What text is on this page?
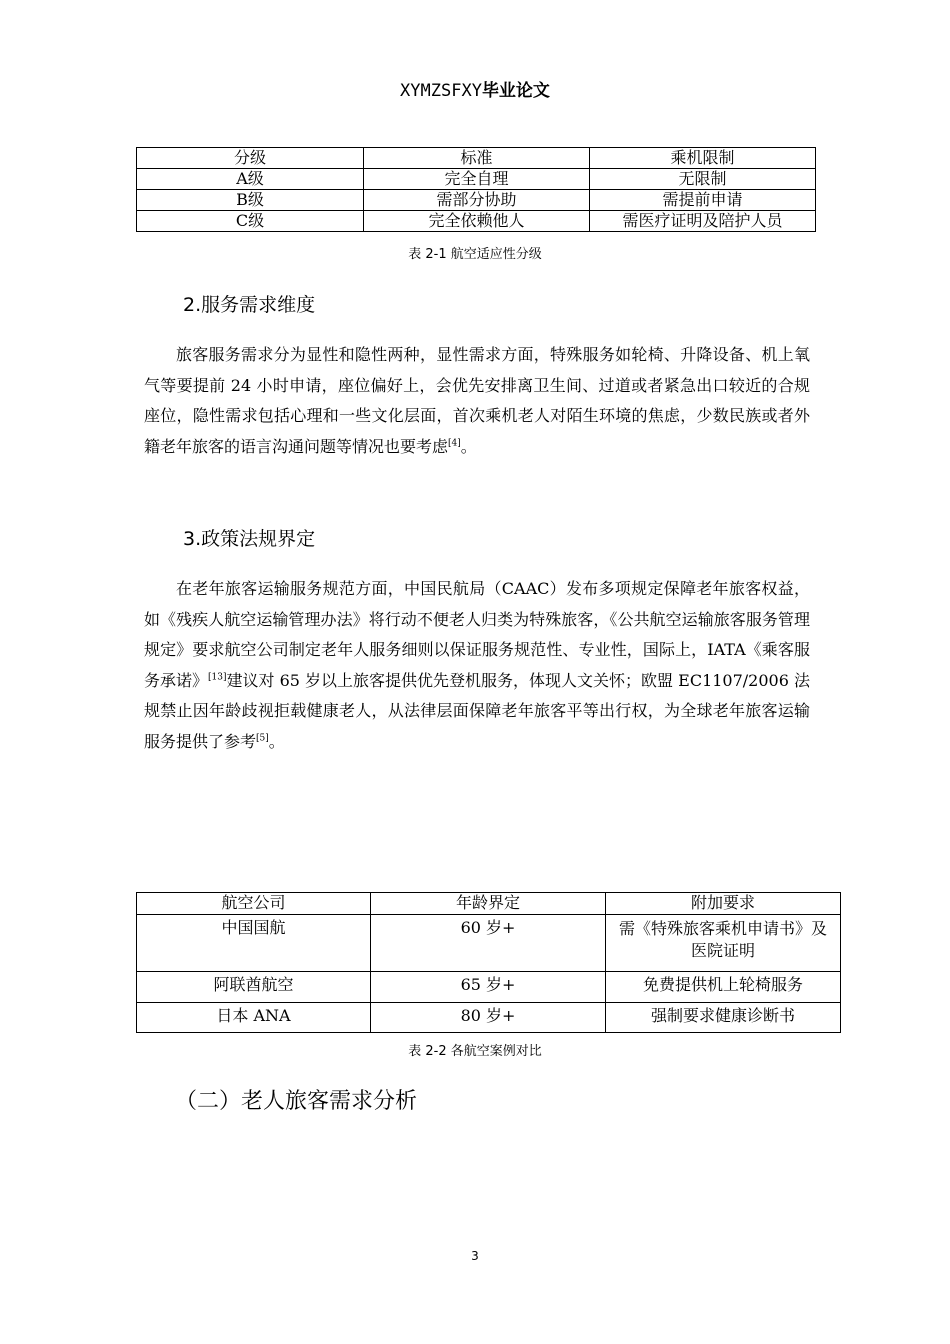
XYMZSFXY毕业论文
分级	标准	乘机限制
A级	完全自理	无限制
B级	需部分协助	需提前申请
C级	完全依赖他人	需医疗证明及陪护人员
表 2-1 航空适应性分级
2.服务需求维度
旅客服务需求分为显性和隐性两种，显性需求方面，特殊服务如轮椅、升降设备、机上氧气等要提前 24 小时申请，座位偏好上，会优先安排离卫生间、过道或者紧急出口较近的合规座位，隐性需求包括心理和一些文化层面，首次乘机老人对陌生环境的焦虑，少数民族或者外籍老年旅客的语言沟通问题等情况也要考虑[4]。
3.政策法规界定
在老年旅客运输服务规范方面，中国民航局（CAAC）发布多项规定保障老年旅客权益，如《残疾人航空运输管理办法》将行动不便老人归类为特殊旅客，《公共航空运输旅客服务管理规定》要求航空公司制定老年人服务细则以保证服务规范性、专业性，国际上，IATA《乘客服务承诺》[13]建议对 65 岁以上旅客提供优先登机服务，体现人文关怀；欧盟 EC1107/2006 法规禁止因年龄歧视拒载健康老人，从法律层面保障老年旅客平等出行权，为全球老年旅客运输服务提供了参考[5]。
航空公司	年龄界定	附加要求
中国国航	60 岁+	需《特殊旅客乘机申请书》及医院证明
阿联酋航空	65 岁+	免费提供机上轮椅服务
日本 ANA	80 岁+	强制要求健康诊断书
表 2-2 各航空案例对比
（二）老人旅客需求分析
3
